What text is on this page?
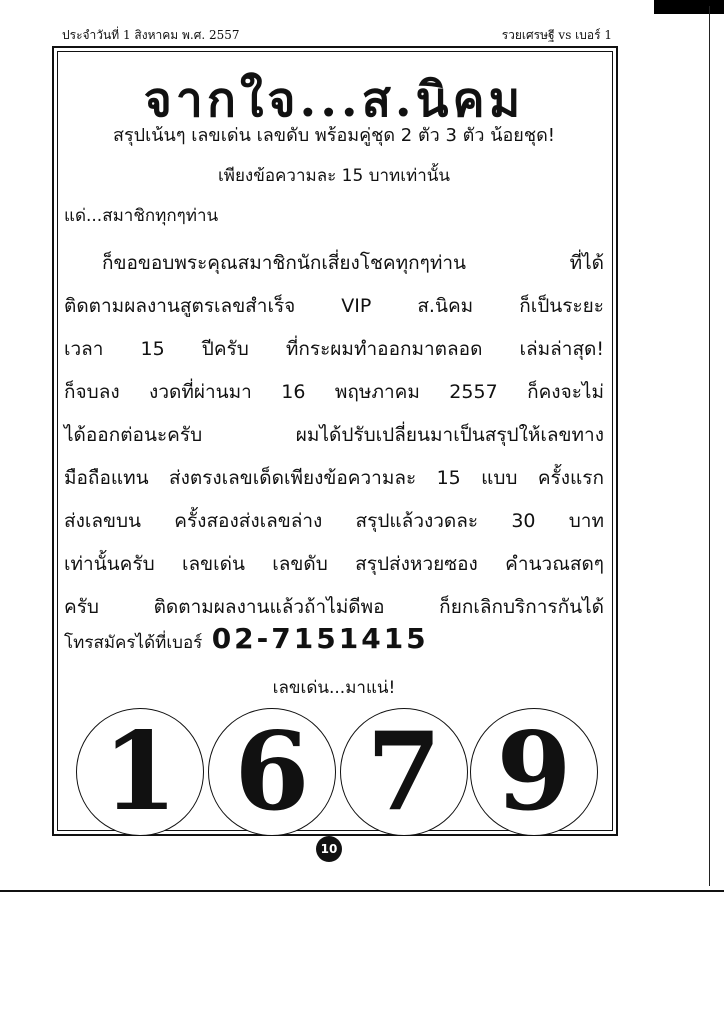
ประจำวันที่ 1 สิงหาคม พ.ศ. 2557	รวยเศรษฐี vs เบอร์ 1
จากใจ...ส.นิคม
สรุปเน้นๆ เลขเด่น เลขดับ พร้อมคู่ชุด 2 ตัว 3 ตัว น้อยชุด!
เพียงข้อความละ 15 บาทเท่านั้น
แด่...สมาชิกทุกๆท่าน
ก็ขอขอบพระคุณสมาชิกนักเสี่ยงโชคทุกๆท่าน ที่ได้
ติดตามผลงานสูตรเลขสำเร็จ VIP ส.นิคม ก็เป็นระยะ
เวลา 15 ปีครับ ที่กระผมทำออกมาตลอด เล่มล่าสุด!
ก็จบลง งวดที่ผ่านมา 16 พฤษภาคม 2557 ก็คงจะไม่
ได้ออกต่อนะครับ ผมได้ปรับเปลี่ยนมาเป็นสรุปให้เลขทาง
มือถือแทน ส่งตรงเลขเด็ดเพียงข้อความละ 15 แบบ ครั้งแรก
ส่งเลขบน ครั้งสองส่งเลขล่าง สรุปแล้วงวดละ 30 บาท
เท่านั้นครับ เลขเด่น เลขดับ สรุปส่งหวยซอง คำนวณสดๆ
ครับ ติดตามผลงานแล้วถ้าไม่ดีพอ ก็ยกเลิกบริการกันได้
โทรสมัครได้ที่เบอร์ 02-7151415
เลขเด่น...มาแน่!
1 6 7 9
10
